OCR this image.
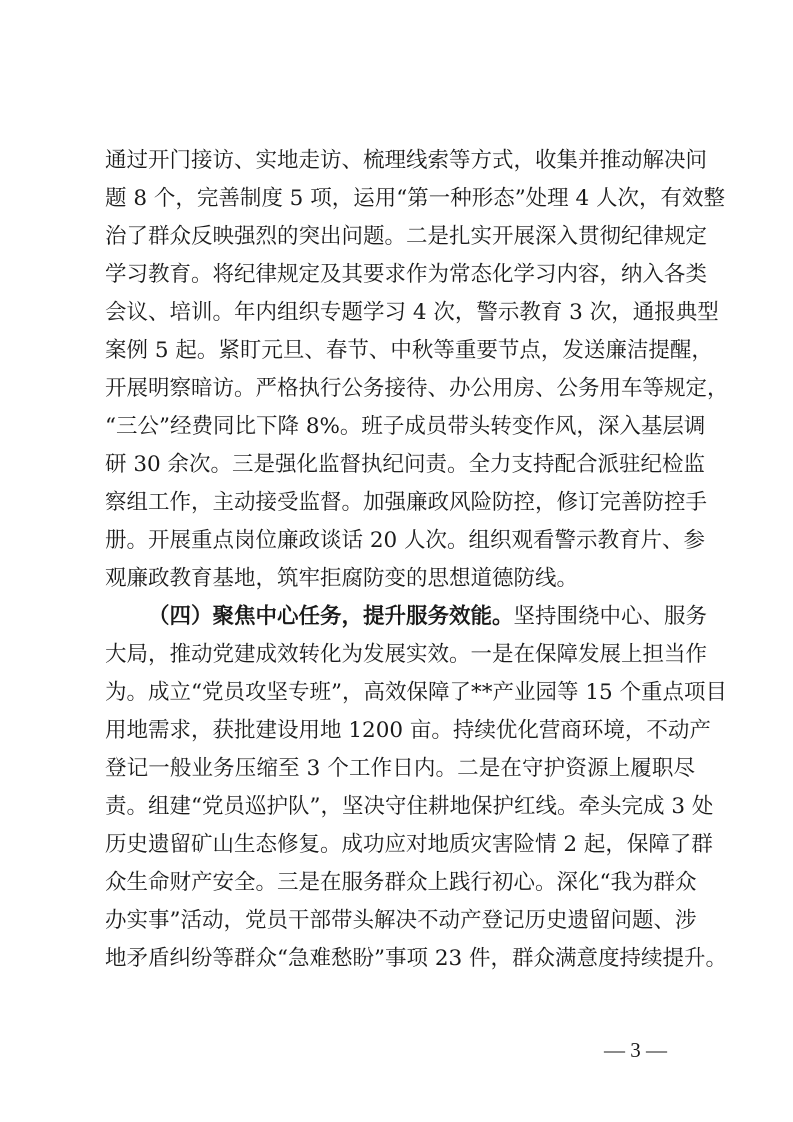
通过开门接访、实地走访、梳理线索等方式，收集并推动解决问
题 8 个，完善制度 5 项，运用“第一种形态”处理 4 人次，有效整
治了群众反映强烈的突出问题。二是扎实开展深入贯彻纪律规定
学习教育。将纪律规定及其要求作为常态化学习内容，纳入各类
会议、培训。年内组织专题学习 4 次，警示教育 3 次，通报典型
案例 5 起。紧盯元旦、春节、中秋等重要节点，发送廉洁提醒，
开展明察暗访。严格执行公务接待、办公用房、公务用车等规定，
“三公”经费同比下降 8%。班子成员带头转变作风，深入基层调
研 30 余次。三是强化监督执纪问责。全力支持配合派驻纪检监
察组工作，主动接受监督。加强廉政风险防控，修订完善防控手
册。开展重点岗位廉政谈话 20 人次。组织观看警示教育片、参
观廉政教育基地，筑牢拒腐防变的思想道德防线。
（四）聚焦中心任务，提升服务效能。坚持围绕中心、服务
大局，推动党建成效转化为发展实效。一是在保障发展上担当作
为。成立“党员攻坚专班”，高效保障了**产业园等 15 个重点项目
用地需求，获批建设用地 1200 亩。持续优化营商环境，不动产
登记一般业务压缩至 3 个工作日内。二是在守护资源上履职尽
责。组建“党员巡护队”，坚决守住耕地保护红线。牵头完成 3 处
历史遗留矿山生态修复。成功应对地质灾害险情 2 起，保障了群
众生命财产安全。三是在服务群众上践行初心。深化“我为群众
办实事”活动，党员干部带头解决不动产登记历史遗留问题、涉
地矛盾纠纷等群众“急难愁盼”事项 23 件，群众满意度持续提升。
— 3 —
